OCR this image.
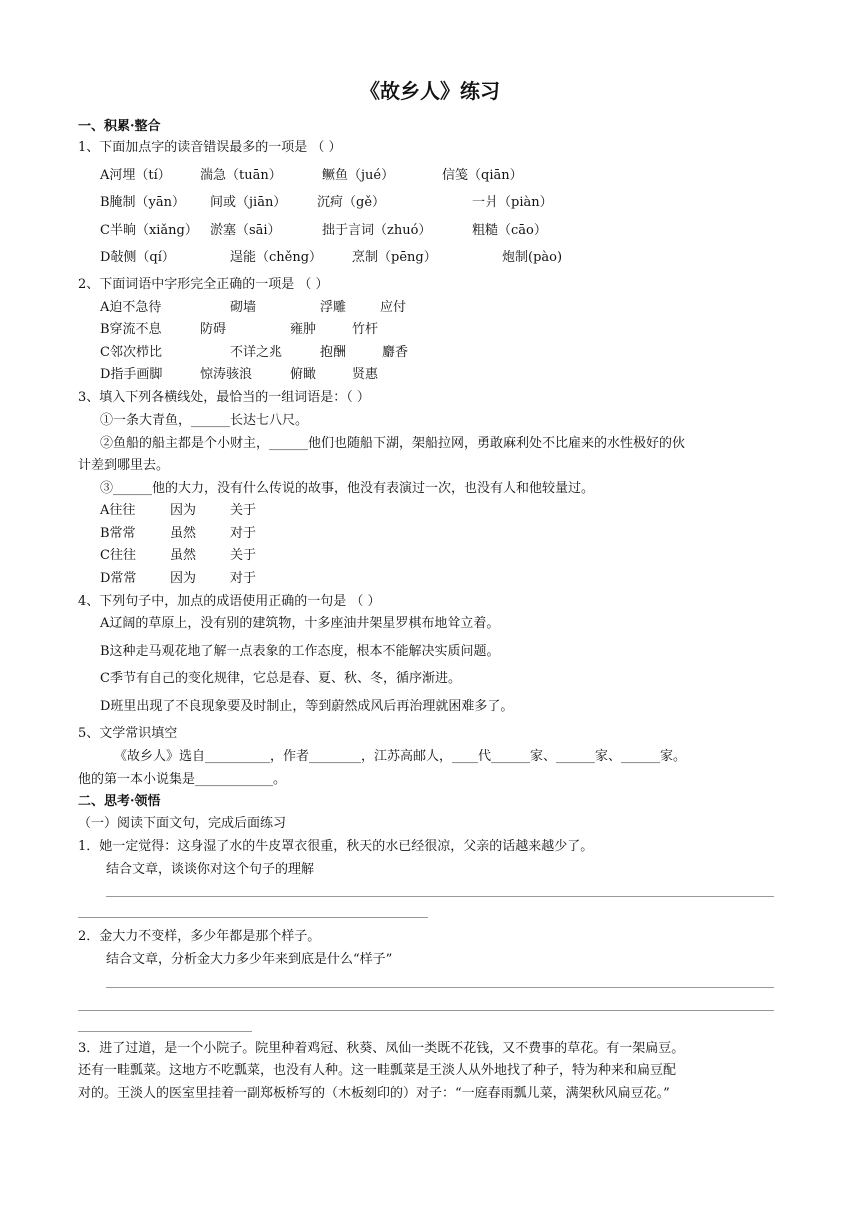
《故乡人》练习
一、积累·整合
1、下面加点字的读音错误最多的一项是 （ ）
A河埋（tí） 湍急（tuān）	鳜鱼（jué）	信笺（qiān）
B腌制（yān） 间或（jiān） 沉疴（gě）	一爿（piàn）
C半晌（xiǎng） 淤塞（sāi）	拙于言词（zhuó）	粗糙（cāo）
D敧侧（qí）	逞能（chěng） 烹制（pēng）	炮制(pào)
2、下面词语中字形完全正确的一项是 （ ）
A迫不急待	砌墙	浮雕	应付
B穿流不息	防碍	雍肿	竹杆
C邻次栉比	不详之兆	抱酬	麝香
D指手画脚	惊涛骇浪	俯瞰	贤惠
3、填入下列各横线处，最恰当的一组词语是：（ ）
①一条大青鱼，______长达七八尺。
②鱼船的船主都是个小财主，______他们也随船下湖，架船拉网，勇敢麻利处不比雇来的水性极好的伙
计差到哪里去。
③______他的大力，没有什么传说的故事，他没有表演过一次，也没有人和他较量过。
A往往	因为	关于
B常常	虽然	对于
C往往	虽然	关于
D常常	因为	对于
4、下列句子中，加点的成语使用正确的一句是 （ ）
A辽阔的草原上，没有别的建筑物，十多座油井架星罗棋布地耸立着。
B这种走马观花地了解一点表象的工作态度，根本不能解决实质问题。
C季节有自己的变化规律，它总是春、夏、秋、冬，循序渐进。
D班里出现了不良现象要及时制止，等到蔚然成风后再治理就困难多了。
5、文学常识填空
《故乡人》选自__________，作者________，江苏高邮人，____代______家、______家、______家。
他的第一本小说集是____________。
二、思考·领悟
（一）阅读下面文句，完成后面练习
1．她一定觉得：这身湿了水的牛皮罩衣很重，秋天的水已经很凉，父亲的话越来越少了。
结合文章，谈谈你对这个句子的理解
2．金大力不变样，多少年都是那个样子。
结合文章，分析金大力多少年来到底是什么“样子”
3．进了过道，是一个小院子。院里种着鸡冠、秋葵、凤仙一类既不花钱，又不费事的草花。有一架扁豆。
还有一畦瓢菜。这地方不吃瓢菜，也没有人种。这一畦瓢菜是王淡人从外地找了种子，特为种来和扁豆配
对的。王淡人的医室里挂着一副郑板桥写的（木板刻印的）对子：“一庭春雨瓢儿菜，满架秋风扁豆花。”
